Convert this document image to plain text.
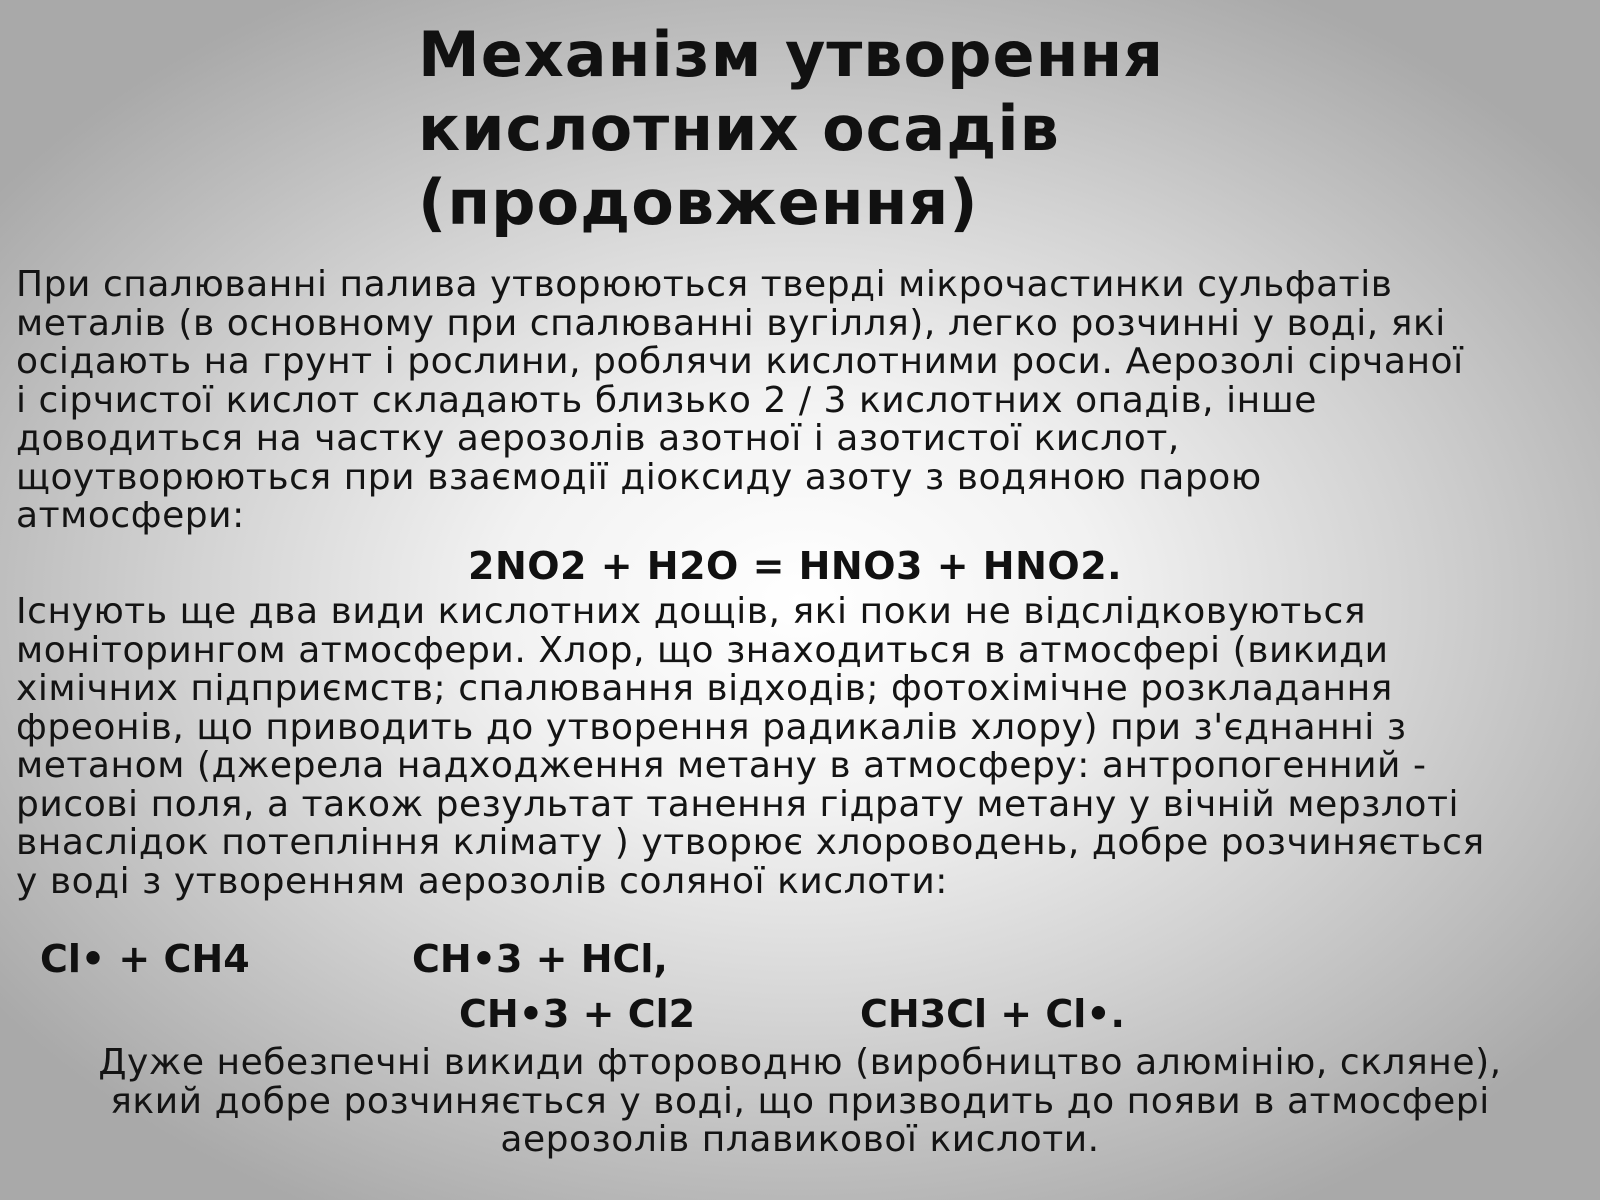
Механізм утворення
кислотних осадів
(продовження)

При спалюванні палива утворюються тверді мікрочастинки сульфатів
металів (в основному при спалюванні вугілля), легко розчинні у воді, які
осідають на грунт і рослини, роблячи кислотними роси. Аерозолі сірчаної
і сірчистої кислот складають близько 2 / 3 кислотних опадів, інше
доводиться на частку аерозолів азотної і азотистої кислот,
щоутворюються при взаємодії діоксиду азоту з водяною парою
атмосфери:

2NO2 + H2O = HNO3 + HNO2.

Існують ще два види кислотних дощів, які поки не відслідковуються
моніторингом атмосфери. Хлор, що знаходиться в атмосфері (викиди
хімічних підприємств; спалювання відходів; фотохімічне розкладання
фреонів, що приводить до утворення радикалів хлору) при з'єднанні з
метаном (джерела надходження метану в атмосферу: антропогенний -
рисові поля, а також результат танення гідрату метану у вічній мерзлоті
внаслідок потепління клімату ) утворює хлороводень, добре розчиняється
у воді з утворенням аерозолів соляної кислоти:

Cl• + CH4	CH•3 + HCl,
CH•3 + Cl2	CH3Cl + Cl•.

Дуже небезпечні викиди фтороводню (виробництво алюмінію, скляне),
який добре розчиняється у воді, що призводить до появи в атмосфері
аерозолів плавикової кислоти.
